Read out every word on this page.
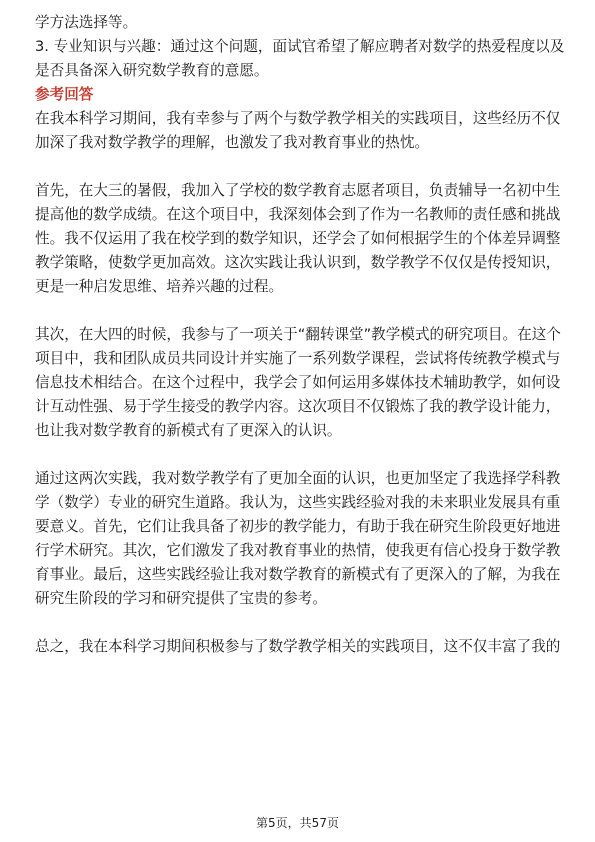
学方法选择等。

3. 专业知识与兴趣：通过这个问题，面试官希望了解应聘者对数学的热爱程度以及

是否具备深入研究数学教育的意愿。

参考回答

在我本科学习期间，我有幸参与了两个与数学教学相关的实践项目，这些经历不仅

加深了我对数学教学的理解，也激发了我对教育事业的热忱。

首先，在大三的暑假，我加入了学校的数学教育志愿者项目，负责辅导一名初中生

提高他的数学成绩。在这个项目中，我深刻体会到了作为一名教师的责任感和挑战

性。我不仅运用了我在校学到的数学知识，还学会了如何根据学生的个体差异调整

教学策略，使数学更加高效。这次实践让我认识到，数学教学不仅仅是传授知识，

更是一种启发思维、培养兴趣的过程。

其次，在大四的时候，我参与了一项关于“翻转课堂”教学模式的研究项目。在这个

项目中，我和团队成员共同设计并实施了一系列数学课程，尝试将传统教学模式与

信息技术相结合。在这个过程中，我学会了如何运用多媒体技术辅助教学，如何设

计互动性强、易于学生接受的教学内容。这次项目不仅锻炼了我的教学设计能力，

也让我对数学教育的新模式有了更深入的认识。

通过这两次实践，我对数学教学有了更加全面的认识，也更加坚定了我选择学科教

学（数学）专业的研究生道路。我认为，这些实践经验对我的未来职业发展具有重

要意义。首先，它们让我具备了初步的教学能力，有助于我在研究生阶段更好地进

行学术研究。其次，它们激发了我对教育事业的热情，使我更有信心投身于数学教

育事业。最后，这些实践经验让我对数学教育的新模式有了更深入的了解，为我在

研究生阶段的学习和研究提供了宝贵的参考。

总之，我在本科学习期间积极参与了数学教学相关的实践项目，这不仅丰富了我的

第5页，共57页
